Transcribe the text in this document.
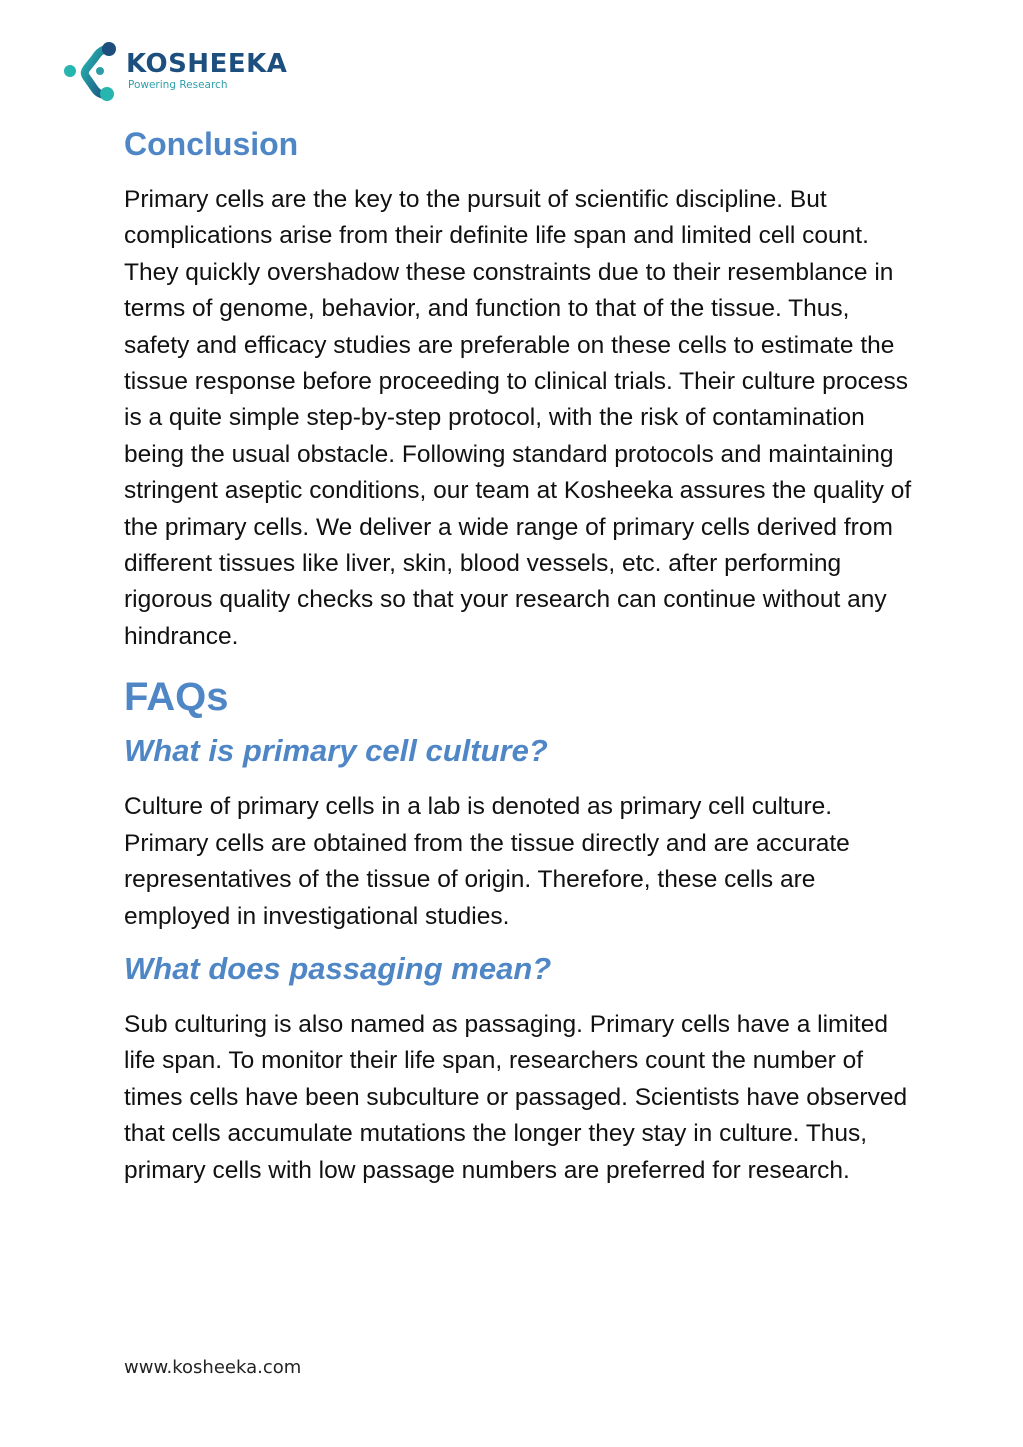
KOSHEEKA
Powering Research
Conclusion

Primary cells are the key to the pursuit of scientific discipline. But complications arise from their definite life span and limited cell count. They quickly overshadow these constraints due to their resemblance in terms of genome, behavior, and function to that of the tissue. Thus, safety and efficacy studies are preferable on these cells to estimate the tissue response before proceeding to clinical trials. Their culture process is a quite simple step-by-step protocol, with the risk of contamination being the usual obstacle. Following standard protocols and maintaining stringent aseptic conditions, our team at Kosheeka assures the quality of the primary cells. We deliver a wide range of primary cells derived from different tissues like liver, skin, blood vessels, etc. after performing rigorous quality checks so that your research can continue without any hindrance.

FAQs
What is primary cell culture?

Culture of primary cells in a lab is denoted as primary cell culture. Primary cells are obtained from the tissue directly and are accurate representatives of the tissue of origin. Therefore, these cells are employed in investigational studies.

What does passaging mean?

Sub culturing is also named as passaging. Primary cells have a limited life span. To monitor their life span, researchers count the number of times cells have been subculture or passaged. Scientists have observed that cells accumulate mutations the longer they stay in culture. Thus, primary cells with low passage numbers are preferred for research.

www.kosheeka.com
